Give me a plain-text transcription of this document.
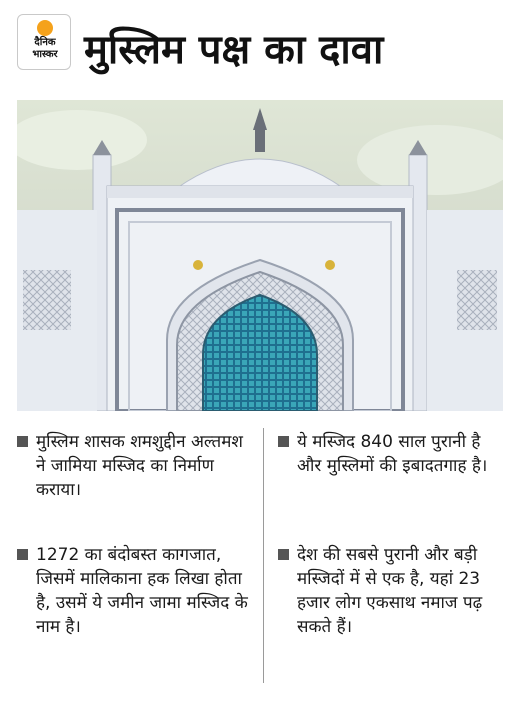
दैनिक
भास्कर मुस्लिम पक्ष का दावा
मुस्लिम शासक शमशुद्दीन अल्तमश ने जामिया मस्जिद का निर्माण कराया।
1272 का बंदोबस्त कागजात, जिसमें मालिकाना हक लिखा होता है, उसमें ये जमीन जामा मस्जिद के नाम है।
ये मस्जिद 840 साल पुरानी है और मुस्लिमों की इबादतगाह है।
देश की सबसे पुरानी और बड़ी मस्जिदों में से एक है, यहां 23 हजार लोग एकसाथ नमाज पढ़ सकते हैं।
